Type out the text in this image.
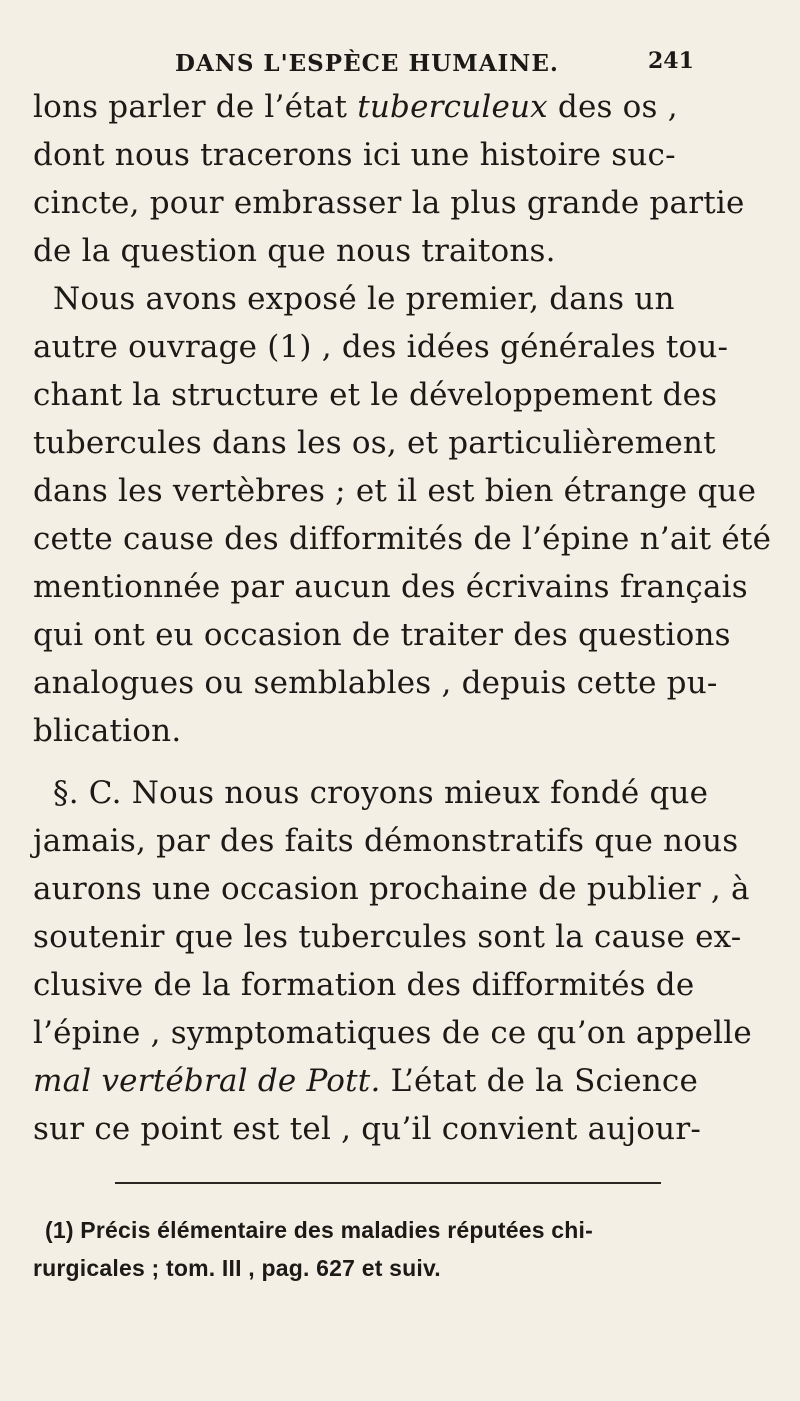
DANS L'ESPÈCE HUMAINE.	241
lons parler de l’état tuberculeux des os ,
dont nous tracerons ici une histoire suc-
cincte, pour embrasser la plus grande partie
de la question que nous traitons.
Nous avons exposé le premier, dans un
autre ouvrage (1) , des idées générales tou-
chant la structure et le développement des
tubercules dans les os, et particulièrement
dans les vertèbres ; et il est bien étrange que
cette cause des difformités de l’épine n’ait été
mentionnée par aucun des écrivains français
qui ont eu occasion de traiter des questions
analogues ou semblables , depuis cette pu-
blication.
§. C. Nous nous croyons mieux fondé que
jamais, par des faits démonstratifs que nous
aurons une occasion prochaine de publier , à
soutenir que les tubercules sont la cause ex-
clusive de la formation des difformités de
l’épine , symptomatiques de ce qu’on appelle
mal vertébral de Pott. L’état de la Science
sur ce point est tel , qu’il convient aujour-
(1) Précis élémentaire des maladies réputées chi-
rurgicales ; tom. III , pag. 627 et suiv.
